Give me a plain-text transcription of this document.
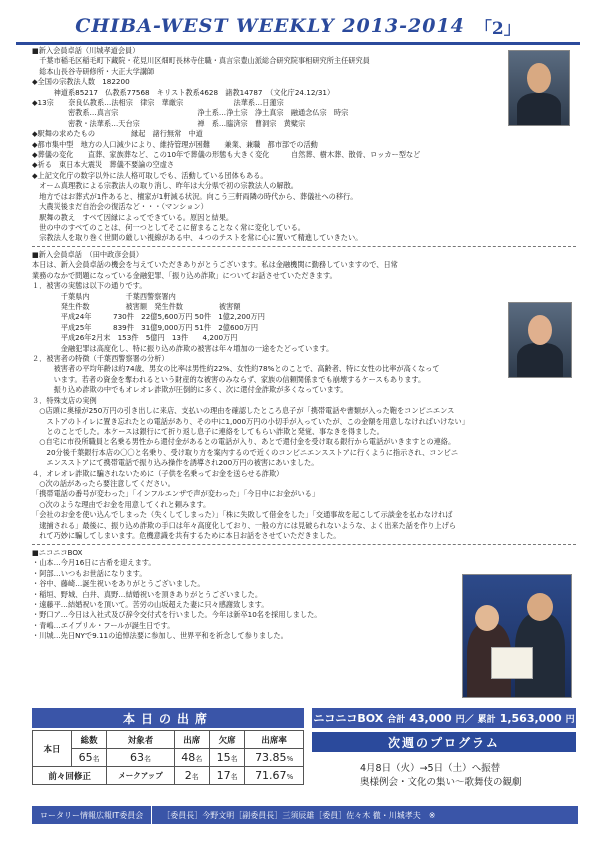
CHIBA-WEST WEEKLY 2013-2014 「2」
■新入会員卓話（川城孝道会員）
　千葉市稲毛区稲毛町下藏院・花見川区畑町長林寺住職・真言宗豊山派総合研究院事相研究所主任研究員
　総本山長谷寺研修所・大正大学講師
◆全国の宗教法人数　182200
　　　神道系85217　仏教系77568　キリスト教系4628　諸教14787　（文化庁24.12/31）
◆13宗　　奈良仏教系…法相宗　律宗　華厳宗　　　　　　　法華系…日蓮宗
　　　　　密教系…真言宗　　　　　　　　　　　浄土系…浄土宗　浄土真宗　融通念仏宗　時宗
　　　　　密教・法華系…天台宗　　　　　　　　禅　系…臨済宗　曹洞宗　黄檗宗
◆駅舞の求めたもの　　　　　縁起　諸行無常　中道
◆都市集中型　地方の人口減少により、維持管理が困難　　兼業、兼職　都市部での活動
◆葬儀の変化　　直葬、家族葬など、この10年で葬儀の形態も大きく変化　　　自然葬、樹木葬、散骨、ロッカー型など
◆祈る　東日本大震災　葬儀不要論の空虚さ
◆上記文化庁の数字以外に法人格可取しでも、活動している団体もある。
　オーム真理教による宗教法人の取り消し、昨年は大分県で初の宗教法人の解散。
　地方ではお葬式が1件あると、檀家が1軒減る状況。向こう三軒両隣の時代から、葬儀社への移行。
　大農災後まだ自治会の復活など・・・（マンション）
　駅舞の教え　すべて因縁によってできている。原因と結果。
　世の中のすべてのことは、何一つとしてそこに留まることなく常に変化している。
　宗教法人を取り巻く世間の厳しい視線がある中、４つのテストを常に心に置いて精進していきたい。
■新入会員卓話　（田中政彦会員）
本日は、新入会員卓話の機会を与えていただきありがとうございます。私は金融機関に勤務していますので、日常
業務のなかで問題になっている金融犯罪、「振り込め詐欺」についてお話させていただきます。
１．被害の実態は以下の通りです。
　　　　千葉県内　　　　　千葉西警察署内
　　　　発生件数　　　　　被害額　発生件数　　　　　被害額
　　　　平成24年　　　730件　22億5,600万円 50件　1億2,200万円
　　　　平成25年　　　839件　31億9,000万円 51件　2億600万円
　　　　平成26年2月末　153件　5億円　13件　　4,200万円
　　　　金融犯罪は高度化し、特に振り込め詐欺の被害は年々増加の一途をたどっています。
２．被害者の特徴（千葉西警察署の分析）
　　　被害者の平均年齢は約74歳、男女の比率は男性約22%、女性約78%とのことで、高齢者、特に女性の比率が高くなって
　　　います。若者の資金を奪われるという財産的な被害のみならず、家族の信頼関係までも崩壊するケースもあります。
　　　振り込め詐欺の中でもオレオレ詐欺が圧倒的に多く、次に還付金詐欺が多くなっています。
３．特殊支店の実例
　○店頭に奥様が250万円の引き出しに来店、支払いの理由を確認したところ息子が「携帯電話や書類が入った鞄をコンピニエンス
　　ストアのトイレに置き忘れたとの電話があり、その中に1,000万円の小切手が入っていたが、この金額を用意しなければいけない」
　　とのことでした。本ケースは銀行にて折り返し息子に連絡をしてもらい詐欺と発覚、事なきを得ました。
　○自宅に市役所職員と名乗る男性から還付金があるとの電話が入り、あとで還付金を受け取る銀行から電話がいきますとの連絡。
　　20分後千葉銀行本店の〇〇と名乗り、受け取り方を案内するので近くのコンビニエンスストアに行くように指示され、コンビニ
　　エンスストアにて携帯電話で振り込み操作を誘導され200万円の被害にあいました。
４．オレオレ詐欺に騙されないために（子供を名乗ってお金を送らせる詐欺）
　○次の話があったら要注意してください。
「携帯電話の番号が変わった」「インフルエンザで声が変わった」「今日中にお金がいる」
　○次のような理由でお金を用意してくれと頼みます。
「会社のお金を使い込んでしまった（失くしてしまった）」「株に失敗して借金をした」「交通事故を起こして示談金を払わなければ
　逮捕される」最後に、振り込め詐欺の手口は年々高度化しており、一般の方には見破られないような、よく出来た話を作り上げら
　れて巧妙に騙してしまいます。危機意識を共有するために本日お話をさせていただきました。
■ニコニコBOX
・山本…今月16日に古希を迎えます。
・阿部…いつもお世話になります。
・谷中、藤崎…誕生祝いをありがとうございました。
・稲垣、野城、白井、真野…結婚祝いを頂きありがとうございました。
・遠藤平…結婚祝いを頂いて。苦労の山坂超えた妻に只々感謝致します。
・野口ア…今日は入社式及び辞令交付式を行いました。今年は新卒10名を採用しました。
・青嶋…エイプリル・フールが誕生日です。
・川城…先日NYで9.11の追悼法要に参加し、世界平和を祈念して参りました。
本日の出席
本日	総数	対象者	出席	欠席	出席率
	65名	63名	48名	15名	73.85%
前々回修正		メークアップ	2名	17名	71.67%
ニコニコBOX 合計 43,000 円／ 累計 1,563,000 円
次週のプログラム
4月8日（火）→5日（土）へ振替
奥様例会・文化の集い～歌舞伎の観劇
ロータリー情報広報IT委員会	［委員長］今野文明［副委員長］三須辰雄［委員］佐々木 徹・川城孝夫　※
